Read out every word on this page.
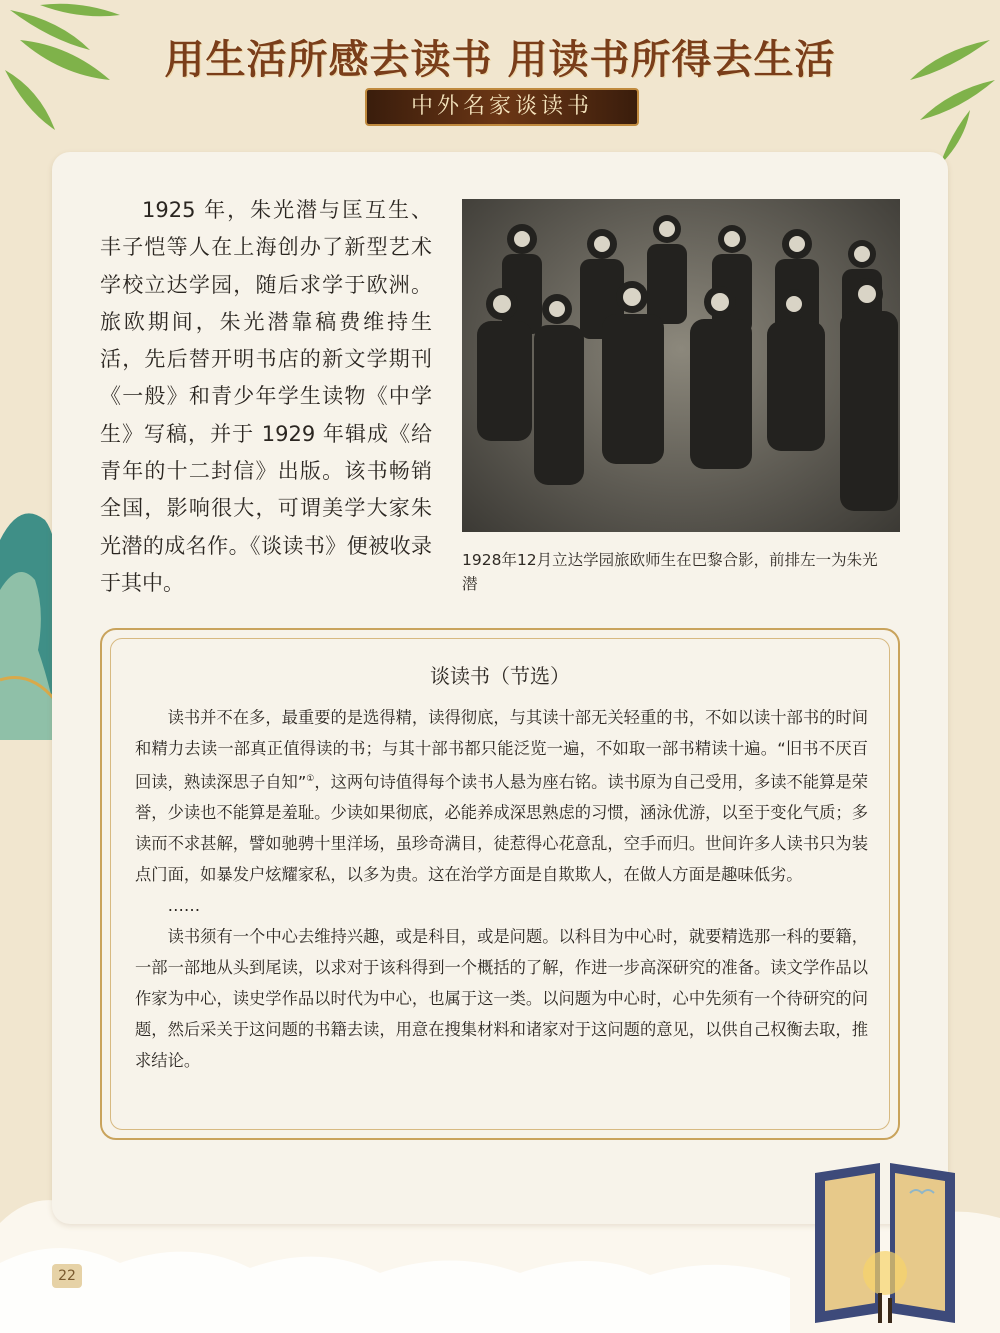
用生活所感去读书 用读书所得去生活
中外名家谈读书

1925 年，朱光潜与匡互生、丰子恺等人在上海创办了新型艺术学校立达学园，随后求学于欧洲。旅欧期间，朱光潜靠稿费维持生活，先后替开明书店的新文学期刊《一般》和青少年学生读物《中学生》写稿，并于 1929 年辑成《给青年的十二封信》出版。该书畅销全国，影响很大，可谓美学大家朱光潜的成名作。《谈读书》便被收录于其中。

1928年12月立达学园旅欧师生在巴黎合影，前排左一为朱光潜

谈读书（节选）

读书并不在多，最重要的是选得精，读得彻底，与其读十部无关轻重的书，不如以读十部书的时间和精力去读一部真正值得读的书；与其十部书都只能泛览一遍，不如取一部书精读十遍。“旧书不厌百回读，熟读深思子自知”①，这两句诗值得每个读书人悬为座右铭。读书原为自己受用，多读不能算是荣誉，少读也不能算是羞耻。少读如果彻底，必能养成深思熟虑的习惯，涵泳优游，以至于变化气质；多读而不求甚解，譬如驰骋十里洋场，虽珍奇满目，徒惹得心花意乱，空手而归。世间许多人读书只为装点门面，如暴发户炫耀家私，以多为贵。这在治学方面是自欺欺人，在做人方面是趣味低劣。

……

读书须有一个中心去维持兴趣，或是科目，或是问题。以科目为中心时，就要精选那一科的要籍，一部一部地从头到尾读，以求对于该科得到一个概括的了解，作进一步高深研究的准备。读文学作品以作家为中心，读史学作品以时代为中心，也属于这一类。以问题为中心时，心中先须有一个待研究的问题，然后采关于这问题的书籍去读，用意在搜集材料和诸家对于这问题的意见，以供自己权衡去取，推求结论。

22
